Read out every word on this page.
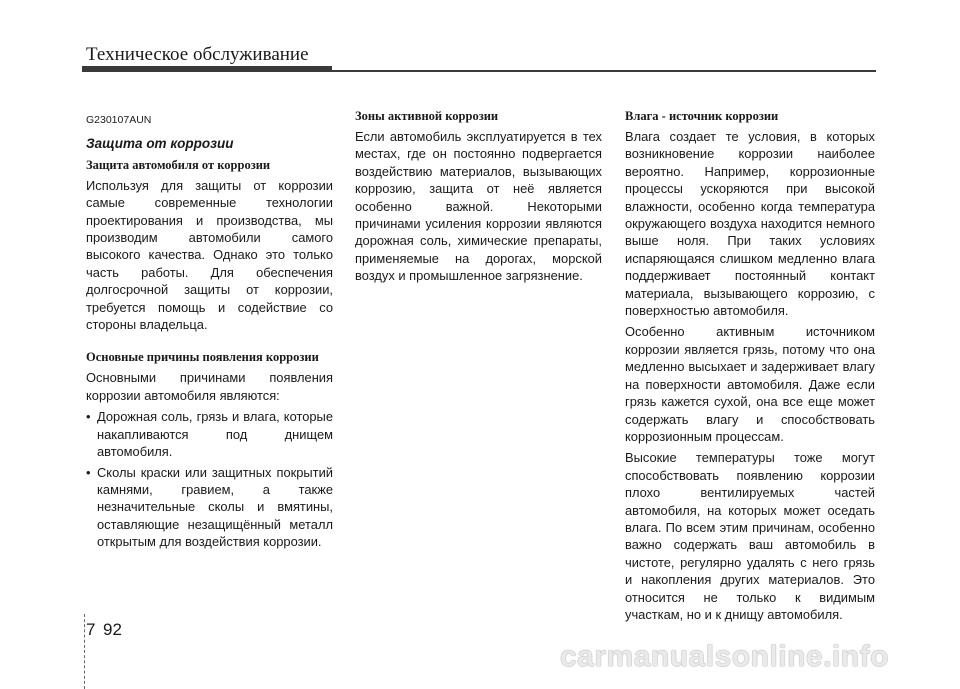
Техническое обслуживание
G230107AUN
Защита от коррозии
Защита автомобиля от коррозии

Используя для защиты от коррозии самые современные технологии проектирования и производства, мы производим автомобили самого высокого качества. Однако это только часть работы. Для обеспечения долгосрочной защиты от коррозии, требуется помощь и содействие со стороны владельца.

Основные причины появления коррозии

Основными причинами появления коррозии автомобиля являются:

• Дорожная соль, грязь и влага, которые накапливаются под днищем автомобиля.
• Сколы краски или защитных покрытий камнями, гравием, а также незначительные сколы и вмятины, оставляющие незащищённый металл открытым для воздействия коррозии.
Зоны активной коррозии

Если автомобиль эксплуатируется в тех местах, где он постоянно подвергается воздействию материалов, вызывающих коррозию, защита от неё является особенно важной. Некоторыми причинами усиления коррозии являются дорожная соль, химические препараты, применяемые на дорогах, морской воздух и промышленное загрязнение.

Влага - источник коррозии

Влага создает те условия, в которых возникновение коррозии наиболее вероятно. Например, коррозионные процессы ускоряются при высокой влажности, особенно когда температура окружающего воздуха находится немного выше ноля. При таких условиях испаряющаяся слишком медленно влага поддерживает постоянный контакт материала, вызывающего коррозию, с поверхностью автомобиля.

Особенно активным источником коррозии является грязь, потому что она медленно высыхает и задерживает влагу на поверхности автомобиля. Даже если грязь кажется сухой, она все еще может содержать влагу и способствовать коррозионным процессам.

Высокие температуры тоже могут способствовать появлению коррозии плохо вентилируемых частей автомобиля, на которых может оседать влага. По всем этим причинам, особенно важно содержать ваш автомобиль в чистоте, регулярно удалять с него грязь и накопления других материалов. Это относится не только к видимым участкам, но и к днищу автомобиля.

7 92
carmanualsonline.info
